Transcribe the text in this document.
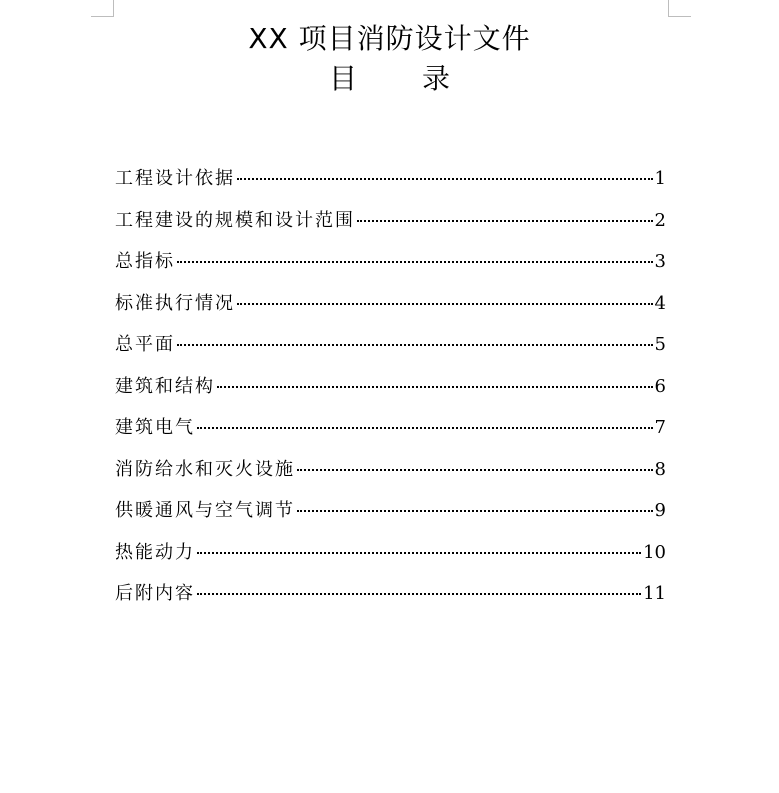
XX 项目消防设计文件
目 录
工程设计依据	1
工程建设的规模和设计范围	2
总指标	3
标准执行情况	4
总平面	5
建筑和结构	6
建筑电气	7
消防给水和灭火设施	8
供暖通风与空气调节	9
热能动力	10
后附内容	11
